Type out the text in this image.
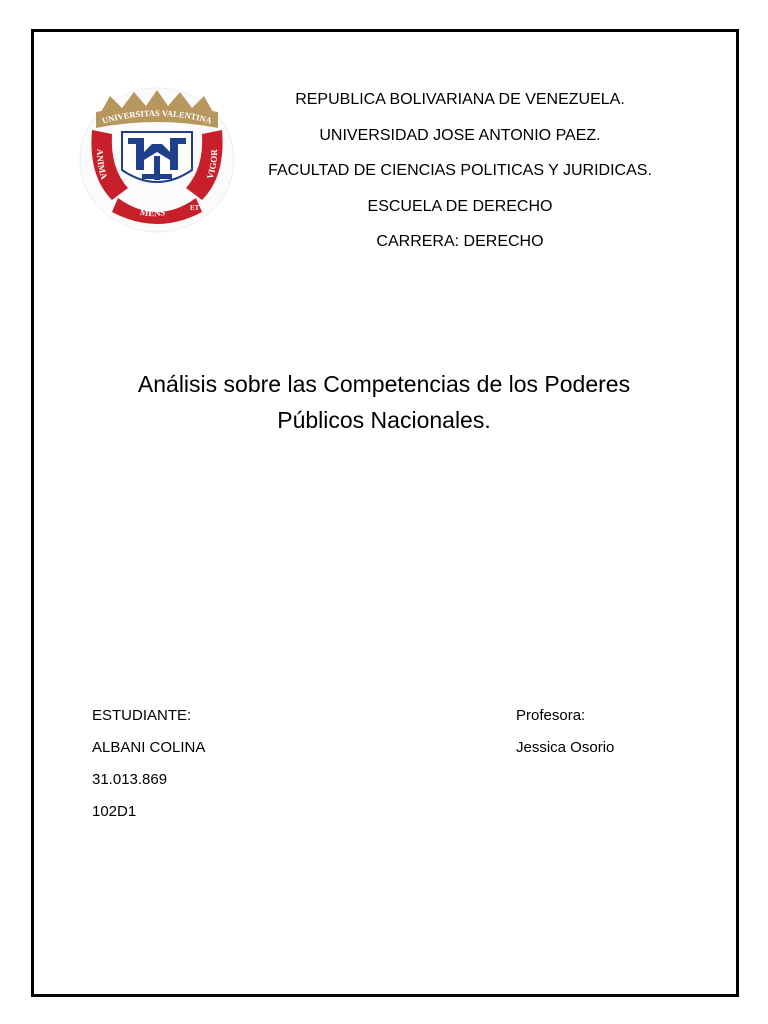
UNIVERSITAS VALENTINA
ANIMA	VIGOR
MENS	ET
REPUBLICA BOLIVARIANA DE VENEZUELA.
UNIVERSIDAD JOSE ANTONIO PAEZ.
FACULTAD DE CIENCIAS POLITICAS Y JURIDICAS.
ESCUELA DE DERECHO
CARRERA: DERECHO
Análisis sobre las Competencias de los Poderes
Públicos Nacionales.
ESTUDIANTE:
ALBANI COLINA
31.013.869
102D1
Profesora:
Jessica Osorio
